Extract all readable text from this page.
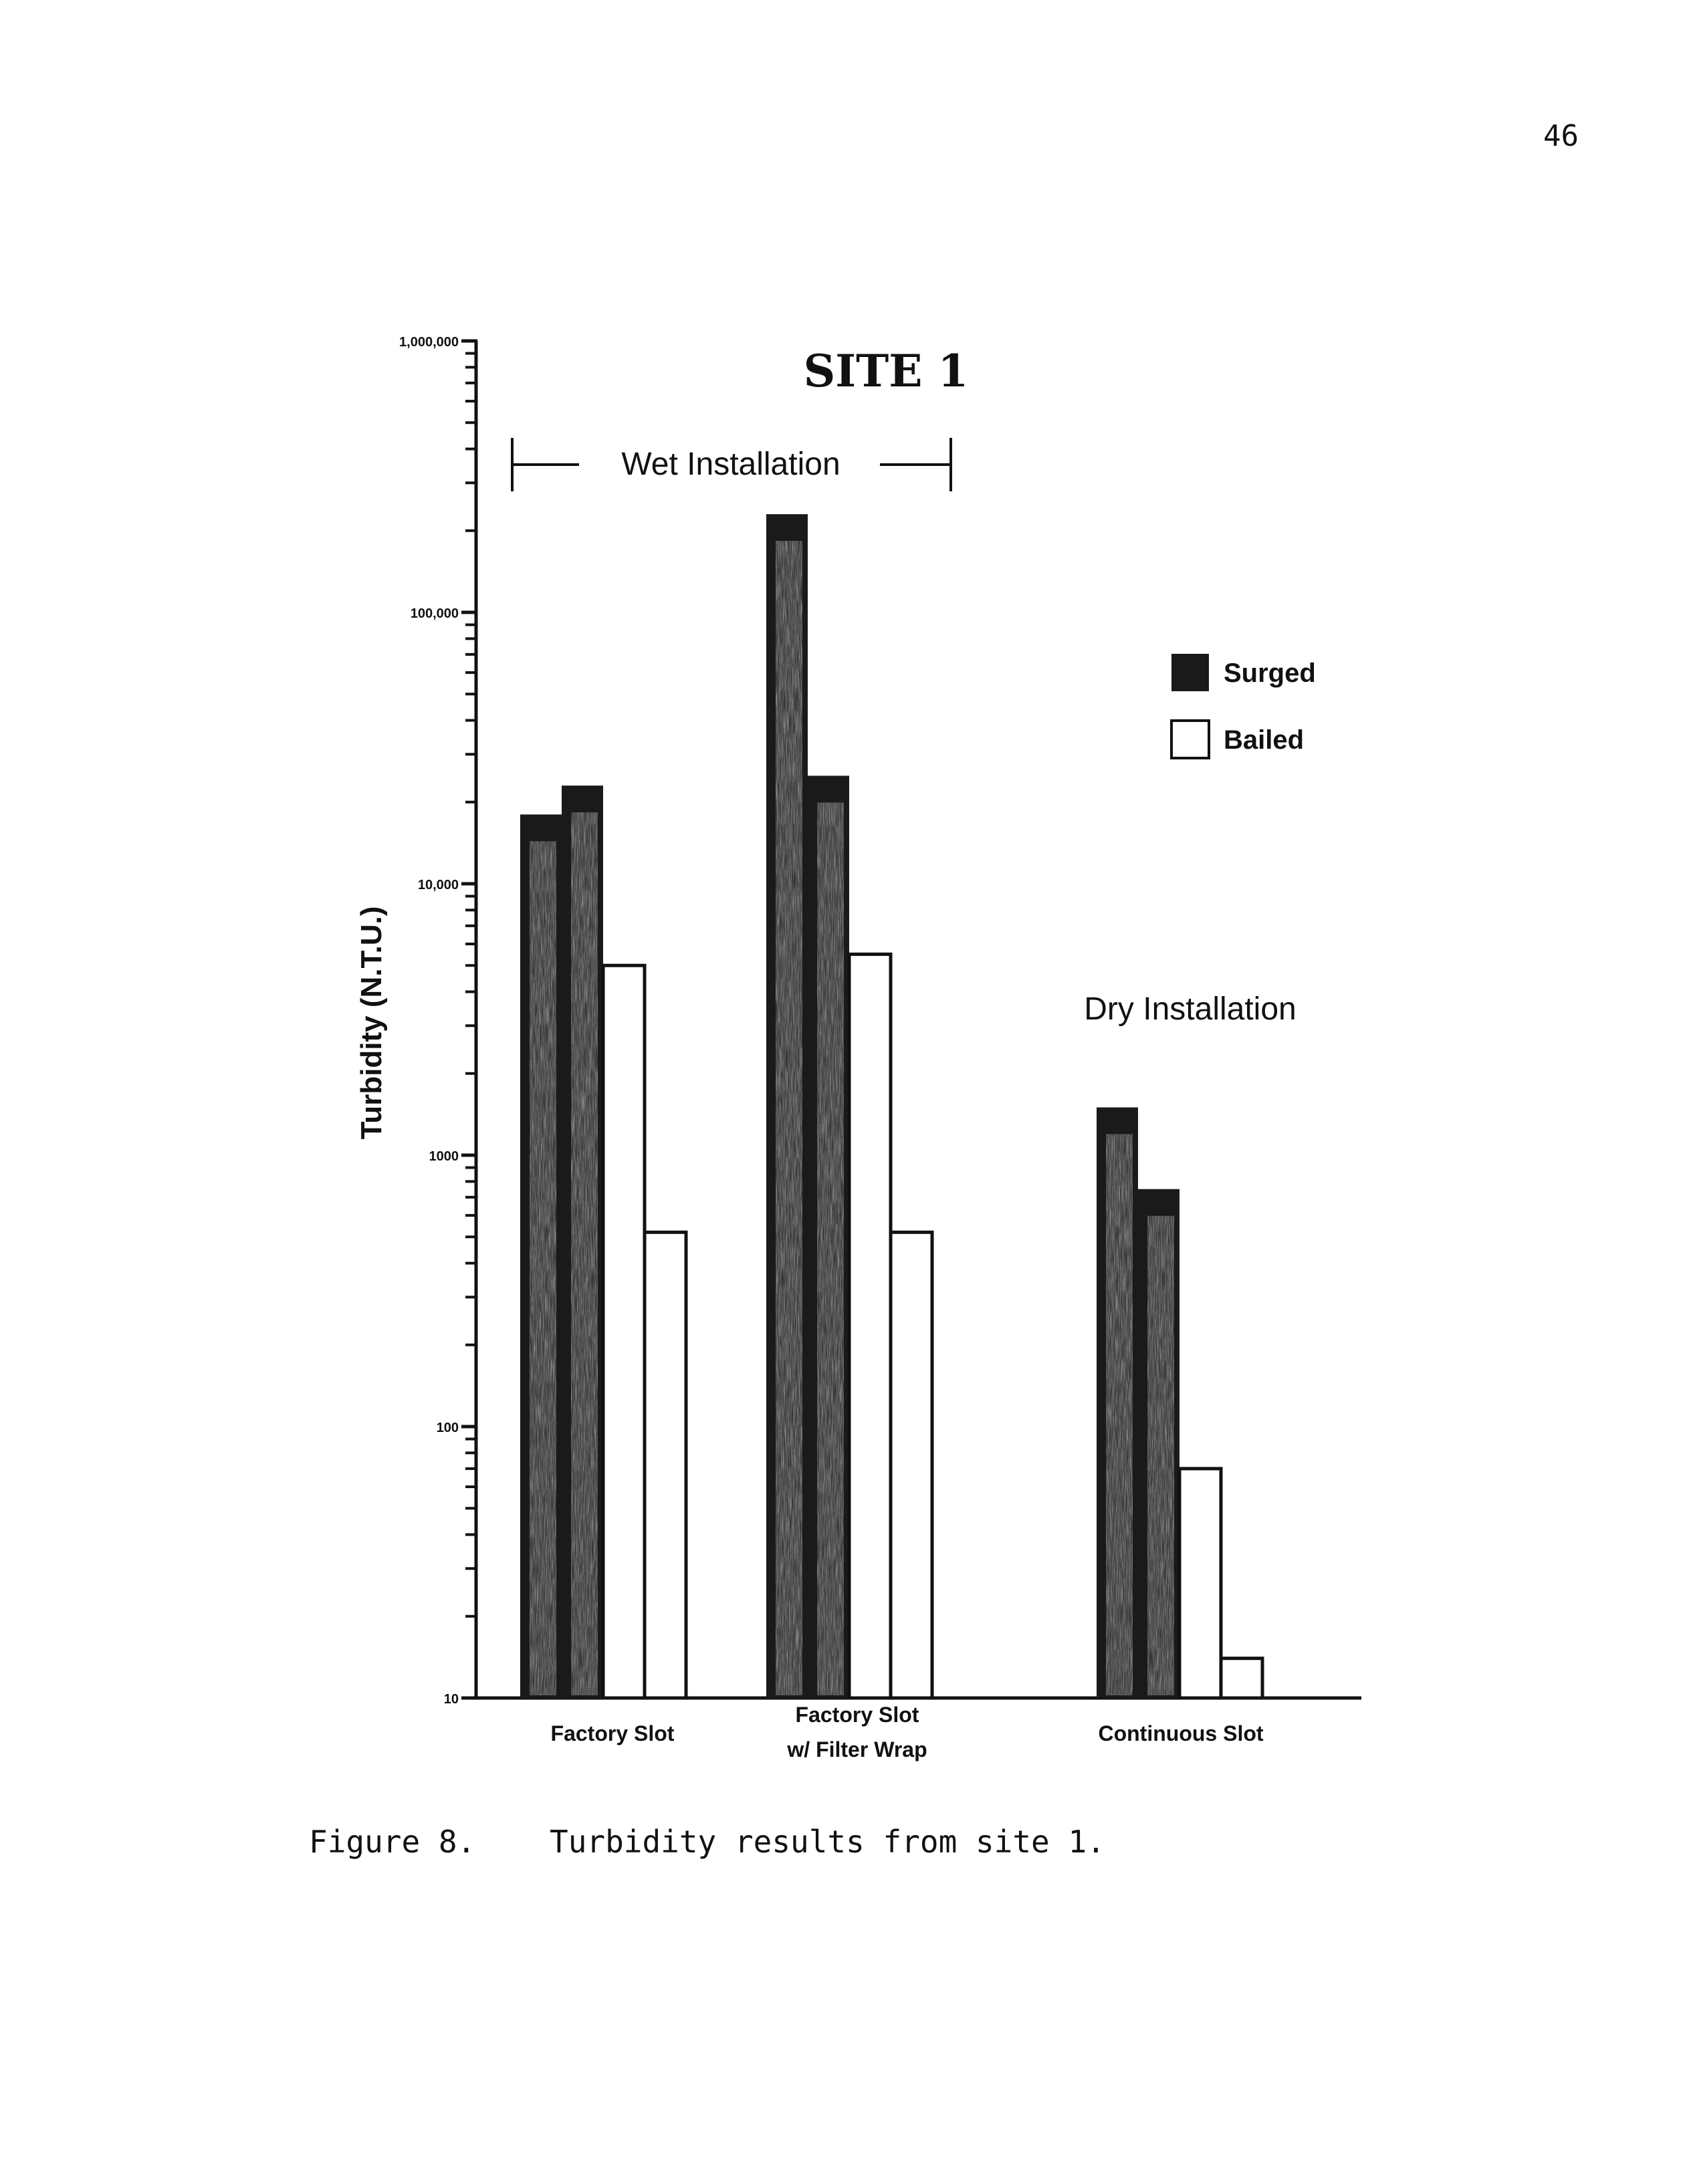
46
SITE 1
Wet Installation
Dry Installation
Surged
Bailed
10
100
1000
10,000
100,000
1,000,000
Turbidity (N.T.U.)
Factory Slot
Factory Slot
w/ Filter Wrap
Continuous Slot
Figure 8. Turbidity results from site 1.
